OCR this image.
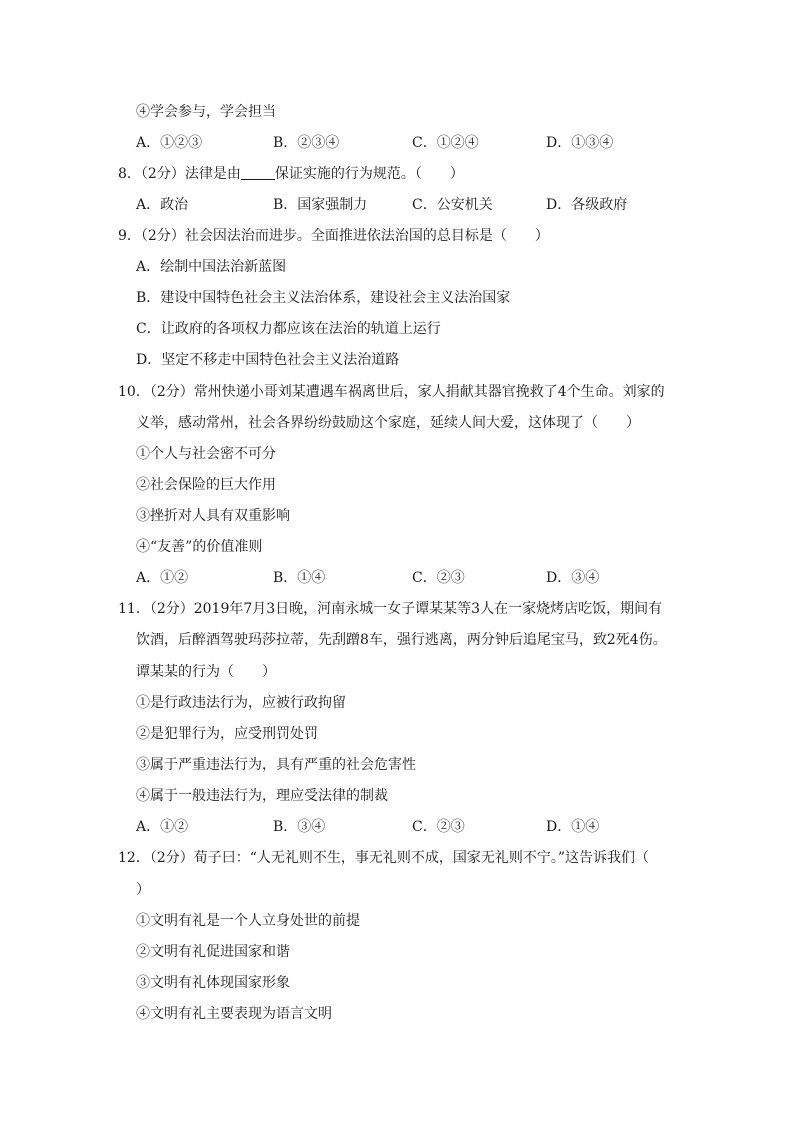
④学会参与，学会担当
A．①②③	B．②③④	C．①②④	D．①③④
8．（2分）法律是由 保证实施的行为规范。（　　）
A．政治	B．国家强制力	C．公安机关	D．各级政府
9．（2分）社会因法治而进步。全面推进依法治国的总目标是（　　）
A．绘制中国法治新蓝图
B．建设中国特色社会主义法治体系，建设社会主义法治国家
C．让政府的各项权力都应该在法治的轨道上运行
D．坚定不移走中国特色社会主义法治道路
10．（2分）常州快递小哥刘某遭遇车祸离世后，家人捐献其器官挽救了4个生命。刘家的
义举，感动常州，社会各界纷纷鼓励这个家庭，延续人间大爱，这体现了（　　）
①个人与社会密不可分
②社会保险的巨大作用
③挫折对人具有双重影响
④“友善”的价值准则
A．①②	B．①④	C．②③	D．③④
11．（2分）2019年7月3日晚，河南永城一女子谭某某等3人在一家烧烤店吃饭，期间有
饮酒，后醉酒驾驶玛莎拉蒂，先刮蹭8车，强行逃离，两分钟后追尾宝马，致2死4伤。
谭某某的行为（　　）
①是行政违法行为，应被行政拘留
②是犯罪行为，应受刑罚处罚
③属于严重违法行为，具有严重的社会危害性
④属于一般违法行为，理应受法律的制裁
A．①②	B．③④	C．②③	D．①④
12．（2分）荀子曰：“人无礼则不生，事无礼则不成，国家无礼则不宁。”这告诉我们（
）
①文明有礼是一个人立身处世的前提
②文明有礼促进国家和谐
③文明有礼体现国家形象
④文明有礼主要表现为语言文明
